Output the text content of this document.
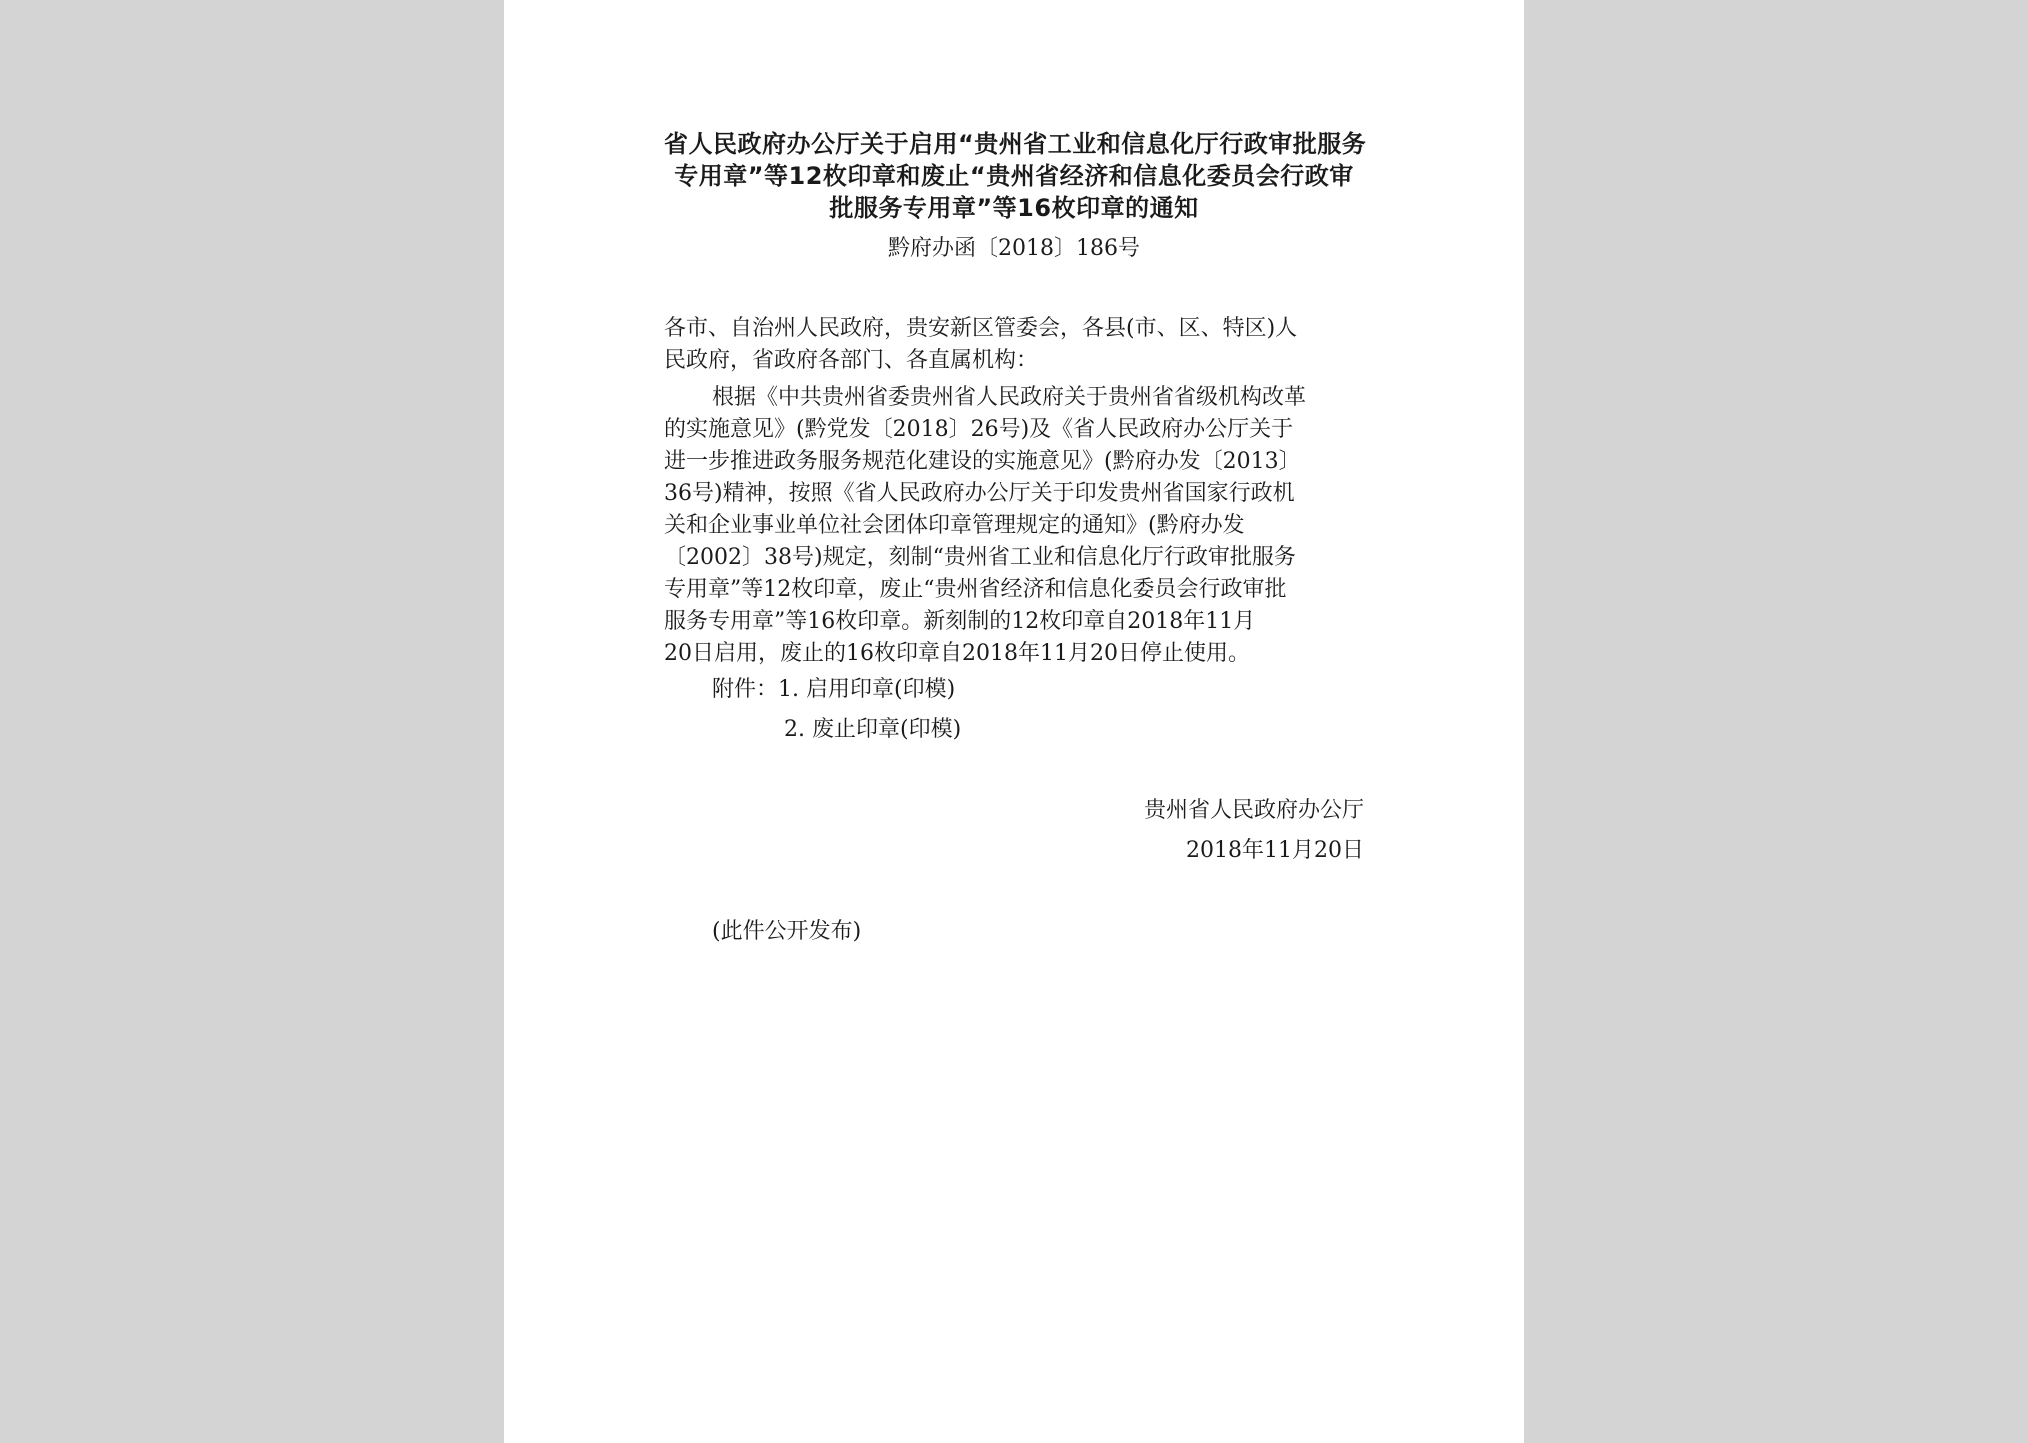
省人民政府办公厅关于启用“贵州省工业和信息化厅行政审批服务
专用章”等12枚印章和废止“贵州省经济和信息化委员会行政审
批服务专用章”等16枚印章的通知
黔府办函〔2018〕186号
各市、自治州人民政府，贵安新区管委会，各县(市、区、特区)人
民政府，省政府各部门、各直属机构：
根据《中共贵州省委贵州省人民政府关于贵州省省级机构改革
的实施意见》(黔党发〔2018〕26号)及《省人民政府办公厅关于
进一步推进政务服务规范化建设的实施意见》(黔府办发〔2013〕
36号)精神，按照《省人民政府办公厅关于印发贵州省国家行政机
关和企业事业单位社会团体印章管理规定的通知》(黔府办发
〔2002〕38号)规定，刻制“贵州省工业和信息化厅行政审批服务
专用章”等12枚印章，废止“贵州省经济和信息化委员会行政审批
服务专用章”等16枚印章。新刻制的12枚印章自2018年11月
20日启用，废止的16枚印章自2018年11月20日停止使用。
附件：1. 启用印章(印模)
2. 废止印章(印模)
贵州省人民政府办公厅
2018年11月20日
(此件公开发布)
